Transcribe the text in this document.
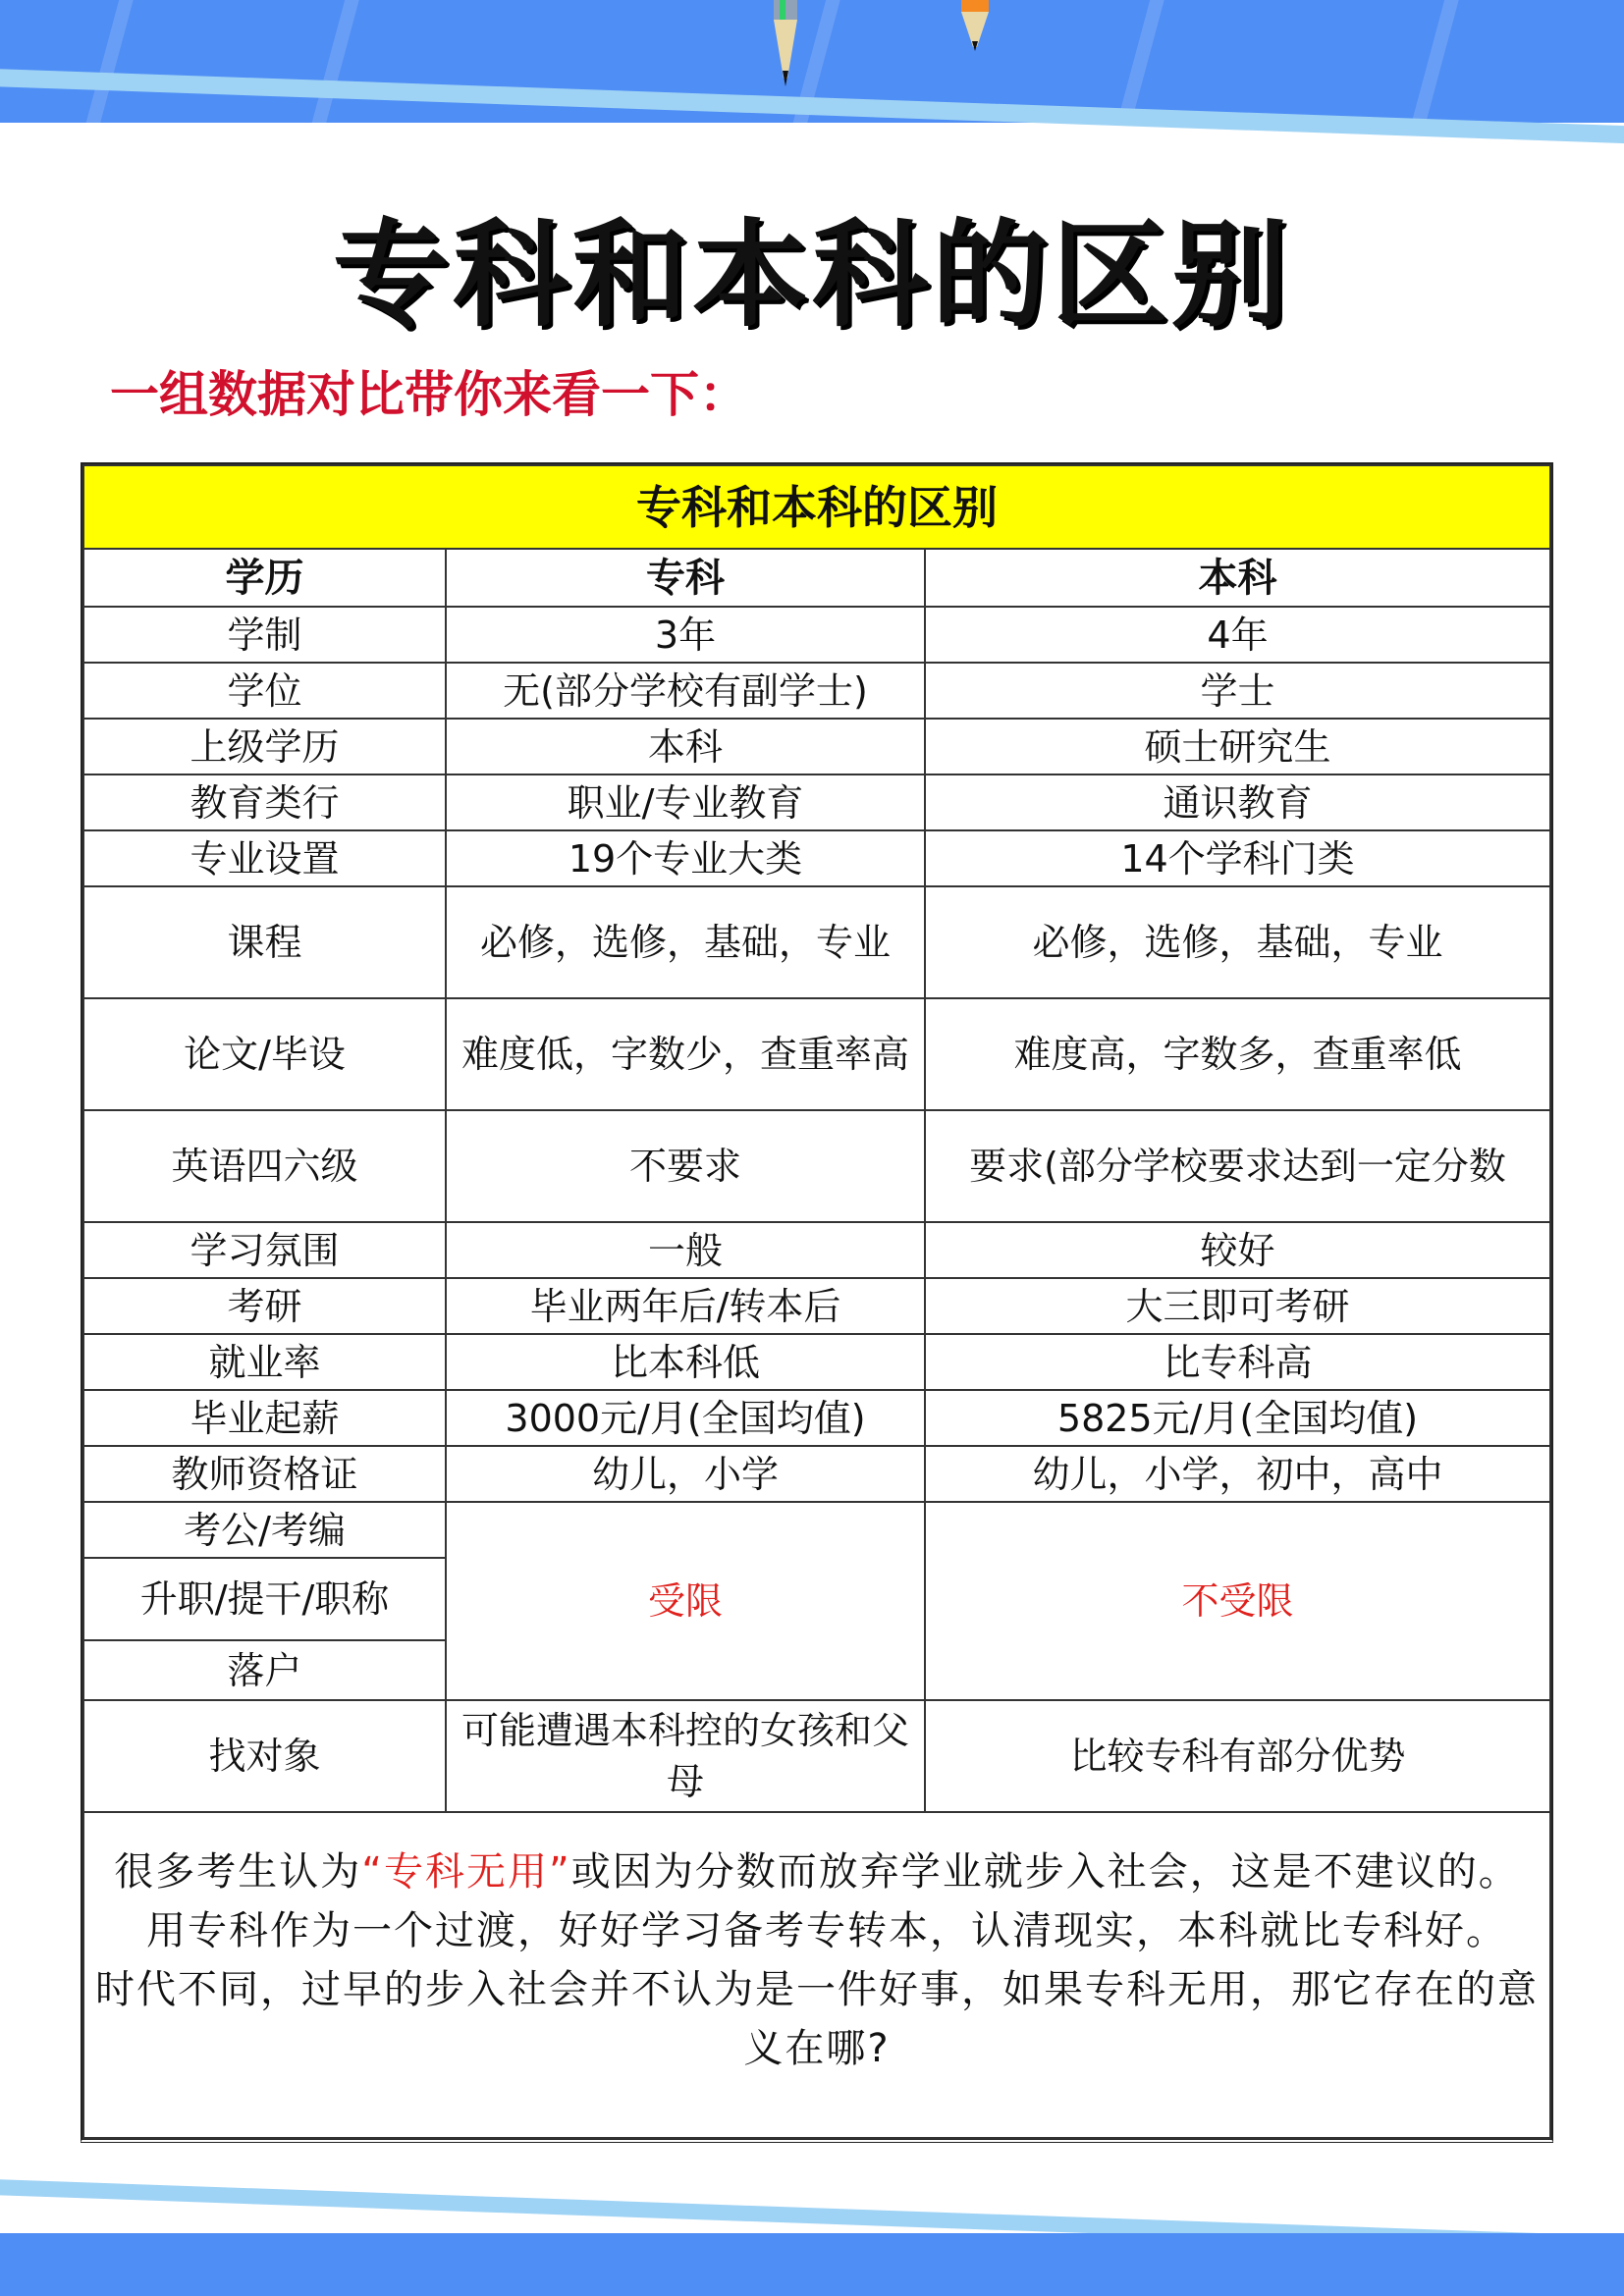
专科和本科的区别
一组数据对比带你来看一下：
专科和本科的区别		
学历	专科	本科
学制	3年	4年
学位	无(部分学校有副学士)	学士
上级学历	本科	硕士研究生
教育类行	职业/专业教育	通识教育
专业设置	19个专业大类	14个学科门类
课程	必修，选修，基础，专业	必修，选修，基础，专业
论文/毕设	难度低，字数少，查重率高	难度高，字数多，查重率低
英语四六级	不要求	要求(部分学校要求达到一定分数
学习氛围	一般	较好
考研	毕业两年后/转本后	大三即可考研
就业率	比本科低	比专科高
毕业起薪	3000元/月(全国均值)	5825元/月(全国均值)
教师资格证	幼儿，小学	幼儿，小学，初中，高中
考公/考编	受限	不受限
升职/提干/职称		
落户		
找对象	可能遭遇本科控的女孩和父母	比较专科有部分优势
很多考生认为“专科无用”或因为分数而放弃学业就步入社会，这是不建议的。用专科作为一个过渡，好好学习备考专转本，认清现实，本科就比专科好。　　时代不同，过早的步入社会并不认为是一件好事，如果专科无用，那它存在的意义在哪?		
